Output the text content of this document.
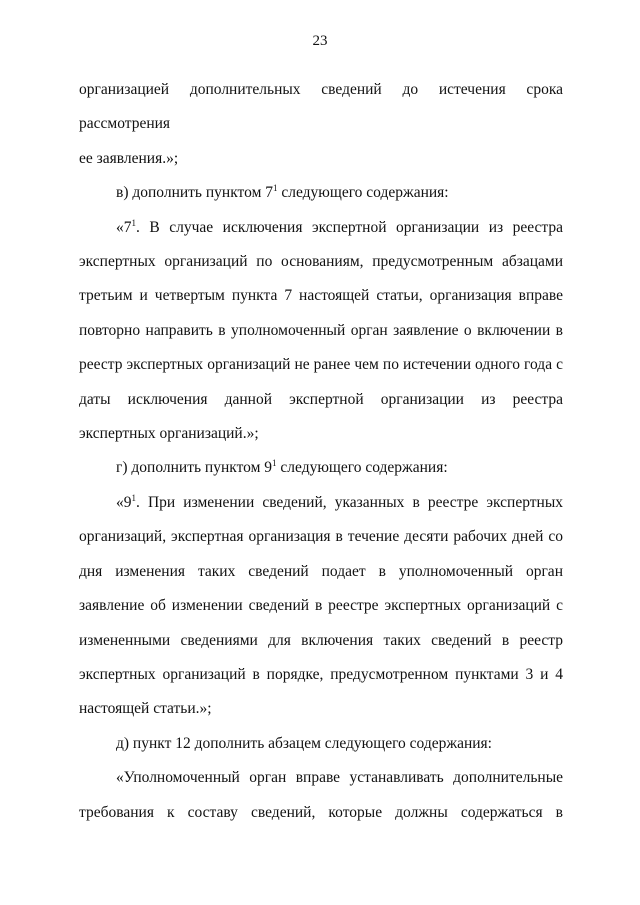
23

организацией дополнительных сведений до истечения срока рассмотрения

ее заявления.»;

в) дополнить пунктом $7^1$ следующего содержания:

«$7^1$. В случае исключения экспертной организации из реестра экспертных организаций по основаниям, предусмотренным абзацами третьим и четвертым пункта 7 настоящей статьи, организация вправе повторно направить в уполномоченный орган заявление о включении в реестр экспертных организаций не ранее чем по истечении одного года с даты исключения данной экспертной организации из реестра экспертных организаций.»;

г) дополнить пунктом $9^1$ следующего содержания:

«$9^1$. При изменении сведений, указанных в реестре экспертных организаций, экспертная организация в течение десяти рабочих дней со дня изменения таких сведений подает в уполномоченный орган заявление об изменении сведений в реестре экспертных организаций с измененными сведениями для включения таких сведений в реестр экспертных организаций в порядке, предусмотренном пунктами 3 и 4 настоящей статьи.»;

д) пункт 12 дополнить абзацем следующего содержания:

«Уполномоченный орган вправе устанавливать дополнительные требования к составу сведений, которые должны содержаться в
